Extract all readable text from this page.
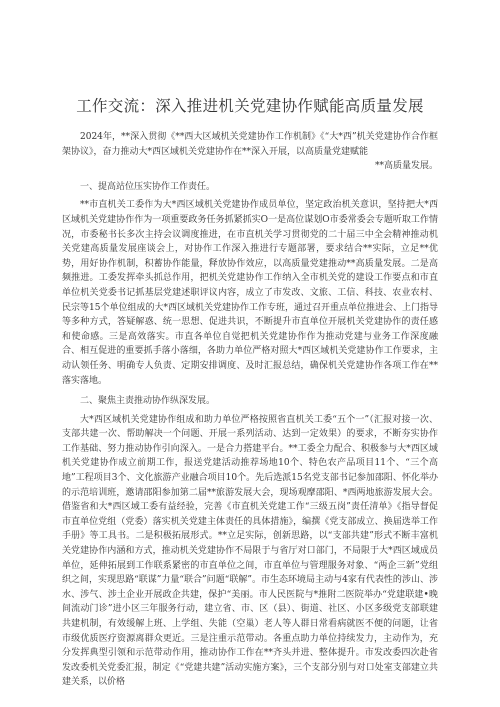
工作交流：深入推进机关党建协作赋能高质量发展

2024年，**深入贯彻《**西大区域机关党建协作工作机制》《“大*西”机关党建协作合作框架协议》，奋力推动大*西区域机关党建协作在**深入开展，以高质量党建赋能
**高质量发展。

一、提高站位压实协作工作责任。

**市直机关工委作为大*西区域机关党建协作成员单位，坚定政治机关意识，坚持把大*西区域机关党建协作作为一项重要政务任务抓紧抓实O一是高位谋划O市委常委会专题听取工作情况，市委秘书长多次主持会议调度推进，在市直机关学习贯彻党的二十届三中全会精神推动机关党建高质量发展座谈会上，对协作工作深入推进行专题部署，要求结合**实际，立足**优势，用好协作机制，积蓄协作能量，释放协作效应，以高质量党建推动**高质量发展。二是高频推进。工委发挥牵头抓总作用，把机关党建协作工作纳入全市机关党的建设工作要点和市直单位机关党委书记抓基层党建述职评议内容，成立了市发改、文旅、工信、科技、农业农村、民宗等15个单位组成的大*西区域机关党建协作工作专班，通过召开重点单位推进会、上门指导等多种方式，答疑解惑、统一思想、促进共识，不断提升市直单位开展机关党建协作的责任感和使命感。三是高效落实。市直各单位自觉把机关党建协作作为推动党建与业务工作深度融合、相互促进的重要抓手落小落细，各助力单位严格对照大*西区域机关党建协作工作要求，主动认领任务、明确专人负责、定期安排调度、及时汇报总结，确保机关党建协作各项工作在**落实落地。

二、聚焦主责推动协作纵深发展。

大*西区域机关党建协作组成和助力单位严格按照省直机关工委“五个一”（汇报对接一次、支部共建一次、帮助解决一个问题、开展一系列活动、达到一定效果）的要求，不断夯实协作工作基础、努力推动协作引向深入。一是合力搭建平台。**工委全力配合、积极参与大*西区域机关党建协作成立前期工作，报送党建活动推荐场地10个、特色农产品项目11个、“三个高地”工程项目3个、文化旅游产业融合项目10个。先后选派15名党支部书记参加邵阳、怀化举办的示范培训班，邀请邵阳参加第二届**旅游发展大会，现场观摩邵阳、*西两地旅游发展大会。借鉴省和大*西区域工委有益经验，完善《市直机关党建工作“三级五岗”责任清单》《指导督促市直单位党组（党委）落实机关党建主体责任的具体措施》，编撰《党支部成立、换届选举工作手册》等工具书。二是积极拓展形式。**立足实际，创新思路，以“支部共建”形式不断丰富机关党建协作内涵和方式，推动机关党建协作不局限于与省厅对口部门，不局限于大*西区域成员单位，延伸拓展到工作联系紧密的市直单位之间，市直单位与管理服务对象、“两企三新”党组织之间，实现思路“联谋”力量“联合”问题“联解”。市生态环境局主动与4家有代表性的涉山、涉水、涉气、涉土企业开展政企共建，保护“美丽。市人民医院与*推附二医院举办“党建联建•晚间流动门诊”进小区三年服务行动，建立省、市、区（县）、街道、社区、小区多级党支部联建共建机制，有效缓解上班、上学组、失能（空巢）老人等人群日常看病就医不便的问题，让省市级优质医疗资源离群众更近。三是注重示范带动。各重点助力单位持续发力，主动作为，充分发挥典型引领和示范带动作用，推动协作工作在**齐头并进、整体提升。市发改委四次赴省发改委机关党委汇报，制定《“党建共建”活动实施方案》，三个支部分别与对口处室支部建立共建关系，以价格
